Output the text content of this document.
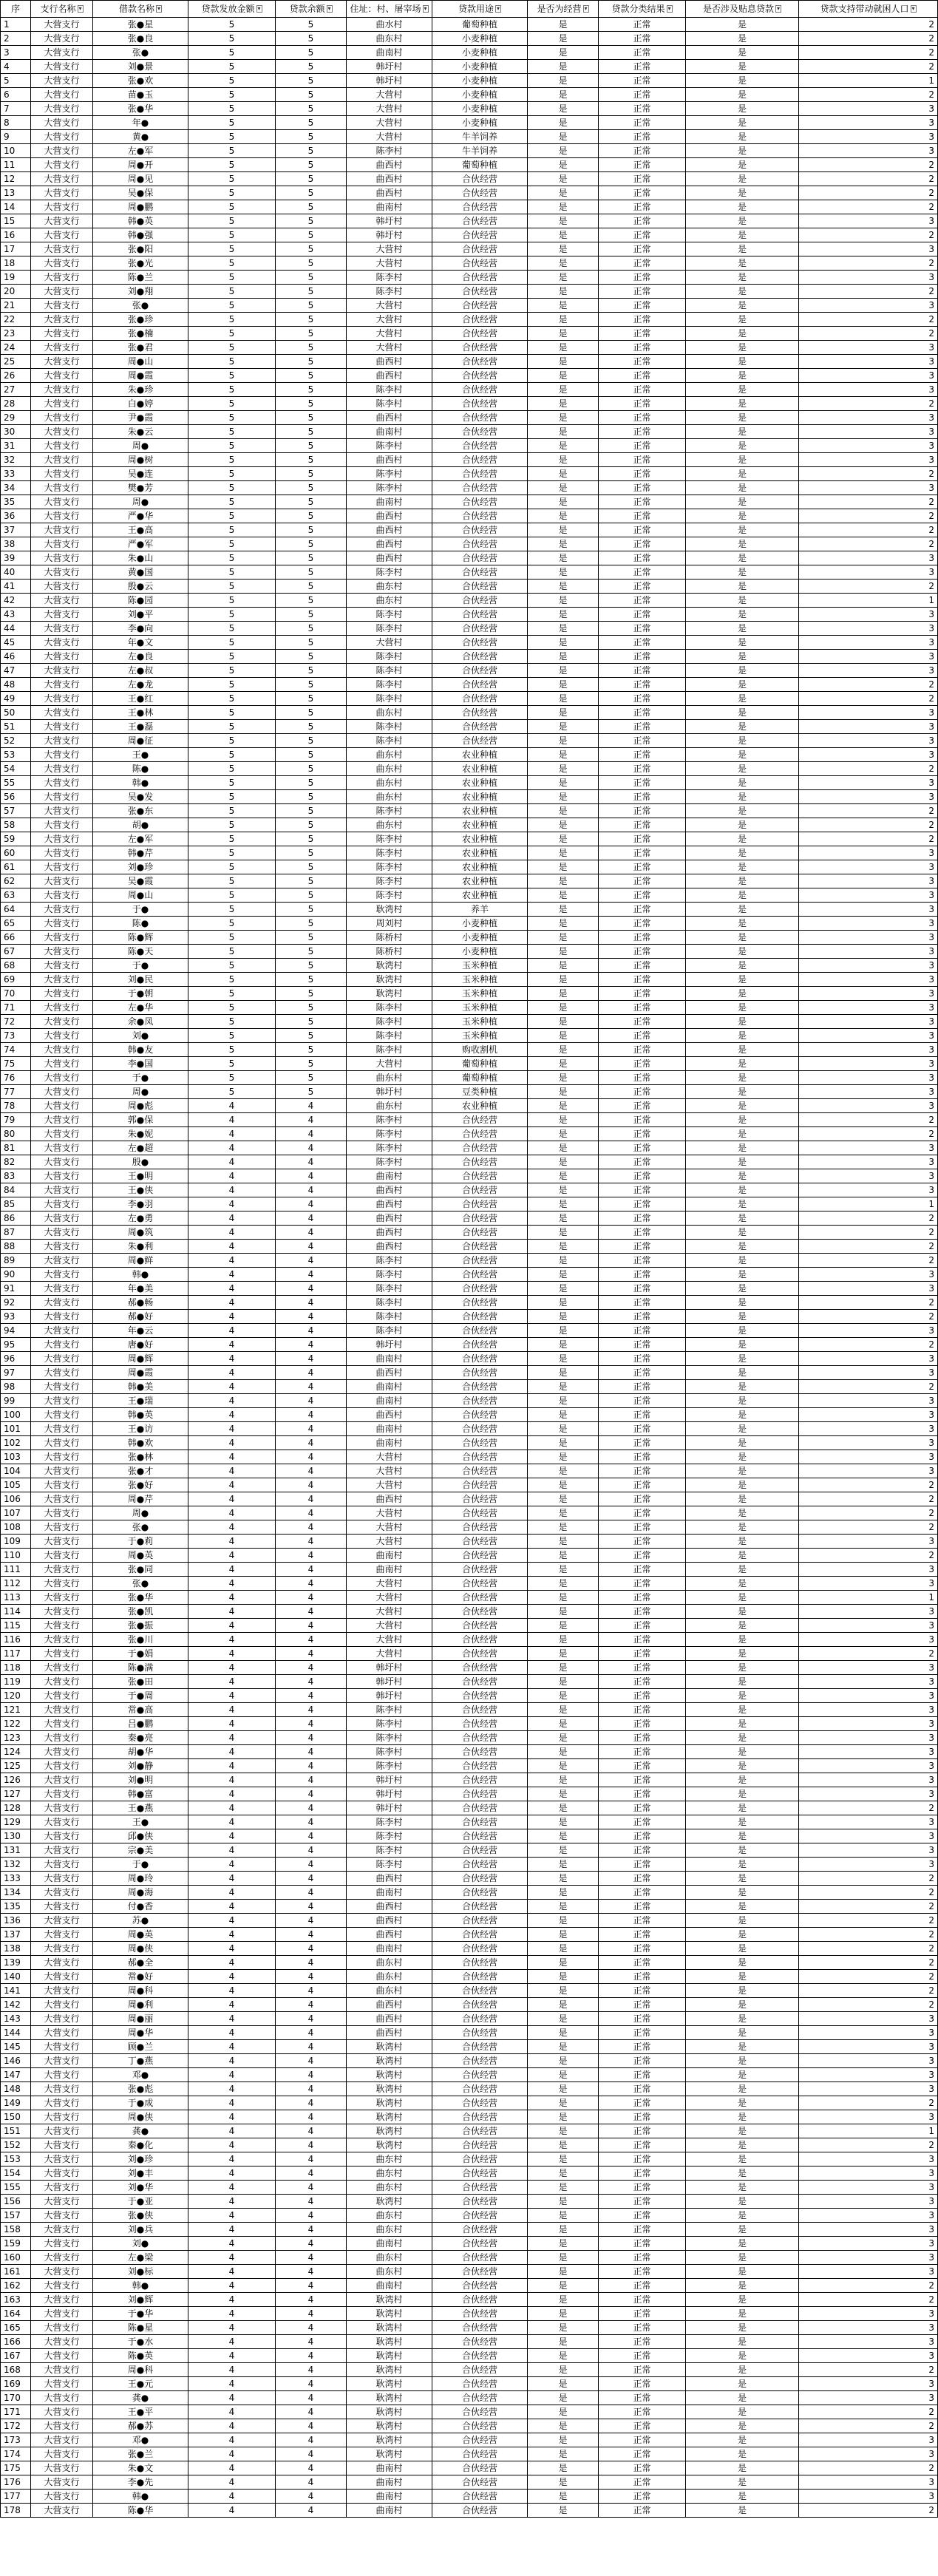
序	支行名称 ▾	借款名称 ▾	贷款发放金额 ▾	贷款余额 ▾	住址：村、屠宰场 ▾	贷款用途 ▾	是否为经营 ▾	贷款分类结果 ▾	是否涉及贴息贷款 ▾	贷款支持带动就困人口 ▾

1	大营支行	张●星	5	5	曲水村	葡萄种植	是	正常	是	2
2	大营支行	张●良	5	5	曲东村	小麦种植	是	正常	是	2
3	大营支行	张●	5	5	曲南村	小麦种植	是	正常	是	2
4	大营支行	刘●景	5	5	韩圩村	小麦种植	是	正常	是	2
5	大营支行	张●欢	5	5	韩圩村	小麦种植	是	正常	是	1
6	大营支行	苗●玉	5	5	大营村	小麦种植	是	正常	是	2
7	大营支行	张●华	5	5	大营村	小麦种植	是	正常	是	3
8	大营支行	年●	5	5	大营村	小麦种植	是	正常	是	3
9	大营支行	黄●	5	5	大营村	牛羊饲养	是	正常	是	3
10	大营支行	左●军	5	5	陈李村	牛羊饲养	是	正常	是	3
11	大营支行	周●开	5	5	曲西村	葡萄种植	是	正常	是	2
12	大营支行	周●见	5	5	曲西村	合伙经营	是	正常	是	2
13	大营支行	吴●保	5	5	曲西村	合伙经营	是	正常	是	2
14	大营支行	周●鹏	5	5	曲南村	合伙经营	是	正常	是	2
15	大营支行	韩●英	5	5	韩圩村	合伙经营	是	正常	是	3
16	大营支行	韩●强	5	5	韩圩村	合伙经营	是	正常	是	2
17	大营支行	张●阳	5	5	大营村	合伙经营	是	正常	是	3
18	大营支行	张●光	5	5	大营村	合伙经营	是	正常	是	2
19	大营支行	陈●兰	5	5	陈李村	合伙经营	是	正常	是	3
20	大营支行	刘●翔	5	5	陈李村	合伙经营	是	正常	是	2
21	大营支行	张●	5	5	大营村	合伙经营	是	正常	是	3
22	大营支行	张●珍	5	5	大营村	合伙经营	是	正常	是	2
23	大营支行	张●楠	5	5	大营村	合伙经营	是	正常	是	2
24	大营支行	张●君	5	5	大营村	合伙经营	是	正常	是	3
25	大营支行	周●山	5	5	曲西村	合伙经营	是	正常	是	3
26	大营支行	周●霞	5	5	曲西村	合伙经营	是	正常	是	3
27	大营支行	朱●珍	5	5	陈李村	合伙经营	是	正常	是	3
28	大营支行	白●婷	5	5	陈李村	合伙经营	是	正常	是	2
29	大营支行	尹●霞	5	5	曲西村	合伙经营	是	正常	是	3
30	大营支行	朱●云	5	5	曲南村	合伙经营	是	正常	是	3
31	大营支行	周●	5	5	陈李村	合伙经营	是	正常	是	3
32	大营支行	周●树	5	5	曲西村	合伙经营	是	正常	是	3
33	大营支行	吴●连	5	5	陈李村	合伙经营	是	正常	是	2
34	大营支行	樊●芳	5	5	陈李村	合伙经营	是	正常	是	3
35	大营支行	周●	5	5	曲南村	合伙经营	是	正常	是	2
36	大营支行	严●华	5	5	曲西村	合伙经营	是	正常	是	2
37	大营支行	王●高	5	5	曲西村	合伙经营	是	正常	是	2
38	大营支行	严●军	5	5	曲西村	合伙经营	是	正常	是	2
39	大营支行	朱●山	5	5	曲西村	合伙经营	是	正常	是	3
40	大营支行	黄●国	5	5	陈李村	合伙经营	是	正常	是	3
41	大营支行	殷●云	5	5	曲东村	合伙经营	是	正常	是	2
42	大营支行	陈●园	5	5	曲东村	合伙经营	是	正常	是	1
43	大营支行	刘●平	5	5	陈李村	合伙经营	是	正常	是	3
44	大营支行	李●向	5	5	陈李村	合伙经营	是	正常	是	3
45	大营支行	年●文	5	5	大营村	合伙经营	是	正常	是	3
46	大营支行	左●良	5	5	陈李村	合伙经营	是	正常	是	3
47	大营支行	左●叔	5	5	陈李村	合伙经营	是	正常	是	3
48	大营支行	左●龙	5	5	陈李村	合伙经营	是	正常	是	2
49	大营支行	王●红	5	5	陈李村	合伙经营	是	正常	是	2
50	大营支行	王●林	5	5	曲东村	合伙经营	是	正常	是	3
51	大营支行	王●磊	5	5	陈李村	合伙经营	是	正常	是	3
52	大营支行	周●征	5	5	陈李村	合伙经营	是	正常	是	3
53	大营支行	王●	5	5	曲东村	农业种植	是	正常	是	3
54	大营支行	陈●	5	5	曲东村	农业种植	是	正常	是	2
55	大营支行	韩●	5	5	曲东村	农业种植	是	正常	是	3
56	大营支行	吴●发	5	5	曲东村	农业种植	是	正常	是	3
57	大营支行	张●东	5	5	陈李村	农业种植	是	正常	是	2
58	大营支行	胡●	5	5	曲东村	农业种植	是	正常	是	2
59	大营支行	左●军	5	5	陈李村	农业种植	是	正常	是	2
60	大营支行	韩●芹	5	5	陈李村	农业种植	是	正常	是	3
61	大营支行	刘●珍	5	5	陈李村	农业种植	是	正常	是	3
62	大营支行	吴●霞	5	5	陈李村	农业种植	是	正常	是	3
63	大营支行	周●山	5	5	陈李村	农业种植	是	正常	是	3
64	大营支行	于●	5	5	耿湾村	养羊	是	正常	是	3
65	大营支行	陈●	5	5	周刘村	小麦种植	是	正常	是	3
66	大营支行	陈●辉	5	5	陈桥村	小麦种植	是	正常	是	3
67	大营支行	陈●天	5	5	陈桥村	小麦种植	是	正常	是	3
68	大营支行	于●	5	5	耿湾村	玉米种植	是	正常	是	3
69	大营支行	刘●民	5	5	耿湾村	玉米种植	是	正常	是	3
70	大营支行	于●朝	5	5	耿湾村	玉米种植	是	正常	是	3
71	大营支行	左●华	5	5	陈李村	玉米种植	是	正常	是	3
72	大营支行	余●凤	5	5	陈李村	玉米种植	是	正常	是	3
73	大营支行	刘●	5	5	陈李村	玉米种植	是	正常	是	3
74	大营支行	韩●友	5	5	陈李村	购收割机	是	正常	是	3
75	大营支行	李●国	5	5	大营村	葡萄种植	是	正常	是	3
76	大营支行	于●	5	5	曲东村	葡萄种植	是	正常	是	3
77	大营支行	周●	5	5	韩圩村	豆类种植	是	正常	是	3
78	大营支行	周●彪	4	4	曲东村	农业种植	是	正常	是	3
79	大营支行	郭●保	4	4	陈李村	合伙经营	是	正常	是	2
80	大营支行	朱●妮	4	4	陈李村	合伙经营	是	正常	是	2
81	大营支行	左●超	4	4	陈李村	合伙经营	是	正常	是	3
82	大营支行	殷●	4	4	陈李村	合伙经营	是	正常	是	3
83	大营支行	王●明	4	4	曲南村	合伙经营	是	正常	是	3
84	大营支行	王●侠	4	4	曲西村	合伙经营	是	正常	是	3
85	大营支行	李●羽	4	4	曲西村	合伙经营	是	正常	是	1
86	大营支行	左●勇	4	4	曲西村	合伙经营	是	正常	是	2
87	大营支行	周●筑	4	4	曲西村	合伙经营	是	正常	是	2
88	大营支行	朱●利	4	4	曲西村	合伙经营	是	正常	是	2
89	大营支行	周●鲜	4	4	陈李村	合伙经营	是	正常	是	2
90	大营支行	韩●	4	4	陈李村	合伙经营	是	正常	是	3
91	大营支行	年●美	4	4	陈李村	合伙经营	是	正常	是	3
92	大营支行	郝●畅	4	4	陈李村	合伙经营	是	正常	是	2
93	大营支行	郝●好	4	4	陈李村	合伙经营	是	正常	是	2
94	大营支行	年●云	4	4	陈李村	合伙经营	是	正常	是	3
95	大营支行	唐●好	4	4	韩圩村	合伙经营	是	正常	是	2
96	大营支行	周●辉	4	4	曲南村	合伙经营	是	正常	是	3
97	大营支行	周●霞	4	4	曲西村	合伙经营	是	正常	是	3
98	大营支行	韩●美	4	4	曲南村	合伙经营	是	正常	是	2
99	大营支行	王●瑞	4	4	曲南村	合伙经营	是	正常	是	3
100	大营支行	韩●英	4	4	曲西村	合伙经营	是	正常	是	3
101	大营支行	王●访	4	4	曲南村	合伙经营	是	正常	是	3
102	大营支行	韩●欢	4	4	曲南村	合伙经营	是	正常	是	3
103	大营支行	张●林	4	4	大营村	合伙经营	是	正常	是	3
104	大营支行	张●才	4	4	大营村	合伙经营	是	正常	是	3
105	大营支行	张●好	4	4	大营村	合伙经营	是	正常	是	2
106	大营支行	周●芹	4	4	曲西村	合伙经营	是	正常	是	2
107	大营支行	周●	4	4	大营村	合伙经营	是	正常	是	2
108	大营支行	张●	4	4	大营村	合伙经营	是	正常	是	2
109	大营支行	于●莉	4	4	大营村	合伙经营	是	正常	是	3
110	大营支行	周●英	4	4	曲南村	合伙经营	是	正常	是	2
111	大营支行	张●同	4	4	曲南村	合伙经营	是	正常	是	3
112	大营支行	张●	4	4	大营村	合伙经营	是	正常	是	3
113	大营支行	张●华	4	4	大营村	合伙经营	是	正常	是	1
114	大营支行	张●凯	4	4	大营村	合伙经营	是	正常	是	3
115	大营支行	张●振	4	4	大营村	合伙经营	是	正常	是	3
116	大营支行	张●川	4	4	大营村	合伙经营	是	正常	是	3
117	大营支行	于●娟	4	4	大营村	合伙经营	是	正常	是	2
118	大营支行	陈●满	4	4	韩圩村	合伙经营	是	正常	是	3
119	大营支行	张●田	4	4	韩圩村	合伙经营	是	正常	是	3
120	大营支行	于●周	4	4	韩圩村	合伙经营	是	正常	是	3
121	大营支行	常●高	4	4	陈李村	合伙经营	是	正常	是	3
122	大营支行	吕●鹏	4	4	陈李村	合伙经营	是	正常	是	3
123	大营支行	秦●亮	4	4	陈李村	合伙经营	是	正常	是	3
124	大营支行	胡●华	4	4	陈李村	合伙经营	是	正常	是	3
125	大营支行	刘●静	4	4	陈李村	合伙经营	是	正常	是	3
126	大营支行	刘●明	4	4	韩圩村	合伙经营	是	正常	是	3
127	大营支行	韩●富	4	4	韩圩村	合伙经营	是	正常	是	3
128	大营支行	王●燕	4	4	韩圩村	合伙经营	是	正常	是	2
129	大营支行	王●	4	4	陈李村	合伙经营	是	正常	是	3
130	大营支行	邱●侠	4	4	陈李村	合伙经营	是	正常	是	3
131	大营支行	宗●美	4	4	陈李村	合伙经营	是	正常	是	3
132	大营支行	于●	4	4	陈李村	合伙经营	是	正常	是	3
133	大营支行	周●玲	4	4	曲西村	合伙经营	是	正常	是	2
134	大营支行	周●海	4	4	曲南村	合伙经营	是	正常	是	2
135	大营支行	付●香	4	4	曲西村	合伙经营	是	正常	是	2
136	大营支行	苏●	4	4	曲西村	合伙经营	是	正常	是	2
137	大营支行	周●英	4	4	曲西村	合伙经营	是	正常	是	2
138	大营支行	周●侠	4	4	曲南村	合伙经营	是	正常	是	2
139	大营支行	郝●全	4	4	曲东村	合伙经营	是	正常	是	2
140	大营支行	常●好	4	4	曲东村	合伙经营	是	正常	是	2
141	大营支行	周●科	4	4	曲东村	合伙经营	是	正常	是	2
142	大营支行	周●利	4	4	曲西村	合伙经营	是	正常	是	2
143	大营支行	周●丽	4	4	曲西村	合伙经营	是	正常	是	3
144	大营支行	周●华	4	4	曲西村	合伙经营	是	正常	是	3
145	大营支行	顾●兰	4	4	耿湾村	合伙经营	是	正常	是	3
146	大营支行	丁●燕	4	4	耿湾村	合伙经营	是	正常	是	3
147	大营支行	邓●	4	4	耿湾村	合伙经营	是	正常	是	3
148	大营支行	张●彪	4	4	耿湾村	合伙经营	是	正常	是	3
149	大营支行	于●成	4	4	耿湾村	合伙经营	是	正常	是	2
150	大营支行	周●侠	4	4	耿湾村	合伙经营	是	正常	是	3
151	大营支行	龚●	4	4	耿湾村	合伙经营	是	正常	是	1
152	大营支行	秦●化	4	4	耿湾村	合伙经营	是	正常	是	2
153	大营支行	刘●珍	4	4	曲东村	合伙经营	是	正常	是	3
154	大营支行	刘●丰	4	4	曲东村	合伙经营	是	正常	是	3
155	大营支行	刘●华	4	4	曲东村	合伙经营	是	正常	是	3
156	大营支行	于●亚	4	4	耿湾村	合伙经营	是	正常	是	3
157	大营支行	张●侠	4	4	曲东村	合伙经营	是	正常	是	3
158	大营支行	刘●兵	4	4	曲东村	合伙经营	是	正常	是	3
159	大营支行	刘●	4	4	曲南村	合伙经营	是	正常	是	3
160	大营支行	左●梁	4	4	曲东村	合伙经营	是	正常	是	3
161	大营支行	刘●标	4	4	曲东村	合伙经营	是	正常	是	3
162	大营支行	韩●	4	4	曲南村	合伙经营	是	正常	是	2
163	大营支行	刘●辉	4	4	耿湾村	合伙经营	是	正常	是	2
164	大营支行	于●华	4	4	耿湾村	合伙经营	是	正常	是	3
165	大营支行	陈●星	4	4	耿湾村	合伙经营	是	正常	是	3
166	大营支行	于●水	4	4	耿湾村	合伙经营	是	正常	是	3
167	大营支行	陈●英	4	4	耿湾村	合伙经营	是	正常	是	3
168	大营支行	周●科	4	4	耿湾村	合伙经营	是	正常	是	2
169	大营支行	王●元	4	4	耿湾村	合伙经营	是	正常	是	3
170	大营支行	龚●	4	4	耿湾村	合伙经营	是	正常	是	3
171	大营支行	王●平	4	4	耿湾村	合伙经营	是	正常	是	2
172	大营支行	郝●苏	4	4	耿湾村	合伙经营	是	正常	是	2
173	大营支行	邓●	4	4	耿湾村	合伙经营	是	正常	是	3
174	大营支行	张●兰	4	4	耿湾村	合伙经营	是	正常	是	3
175	大营支行	朱●文	4	4	曲南村	合伙经营	是	正常	是	2
176	大营支行	李●先	4	4	曲南村	合伙经营	是	正常	是	3
177	大营支行	韩●	4	4	曲南村	合伙经营	是	正常	是	3
178	大营支行	陈●华	4	4	曲南村	合伙经营	是	正常	是	2
